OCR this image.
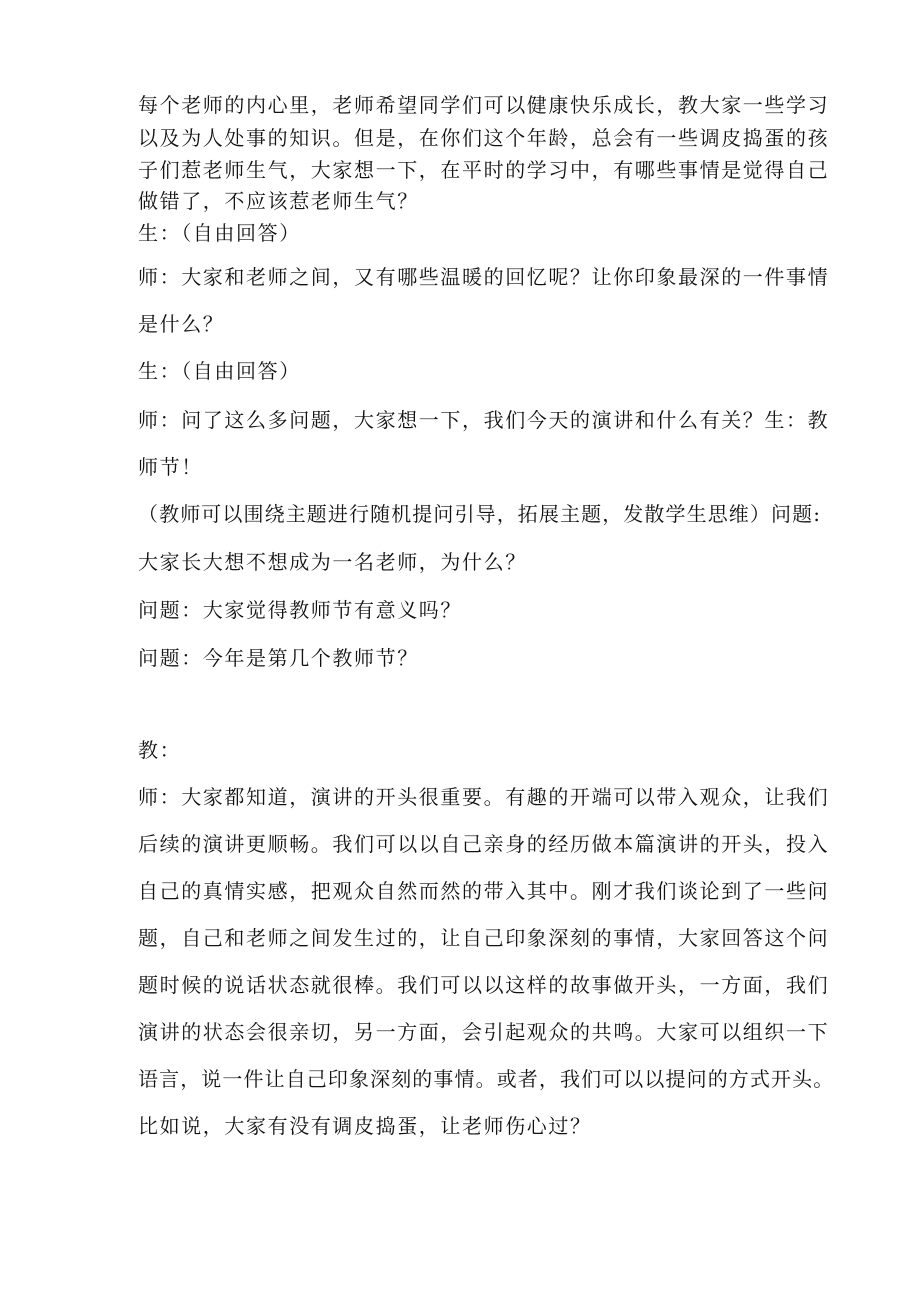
每个老师的内心里，老师希望同学们可以健康快乐成长，教大家一些学习
以及为人处事的知识。但是，在你们这个年龄，总会有一些调皮捣蛋的孩
子们惹老师生气，大家想一下，在平时的学习中，有哪些事情是觉得自己
做错了，不应该惹老师生气？
生：（自由回答）
师：大家和老师之间，又有哪些温暖的回忆呢？让你印象最深的一件事情
是什么？
生：（自由回答）
师：问了这么多问题，大家想一下，我们今天的演讲和什么有关？生：教
师节！
（教师可以围绕主题进行随机提问引导，拓展主题，发散学生思维）问题:
大家长大想不想成为一名老师，为什么？
问题：大家觉得教师节有意义吗？
问题：今年是第几个教师节？
教：
师：大家都知道，演讲的开头很重要。有趣的开端可以带入观众，让我们
后续的演讲更顺畅。我们可以以自己亲身的经历做本篇演讲的开头，投入
自己的真情实感，把观众自然而然的带入其中。刚才我们谈论到了一些问
题，自己和老师之间发生过的，让自己印象深刻的事情，大家回答这个问
题时候的说话状态就很棒。我们可以以这样的故事做开头，一方面，我们
演讲的状态会很亲切，另一方面，会引起观众的共鸣。大家可以组织一下
语言，说一件让自己印象深刻的事情。或者，我们可以以提问的方式开头。
比如说，大家有没有调皮捣蛋，让老师伤心过？
